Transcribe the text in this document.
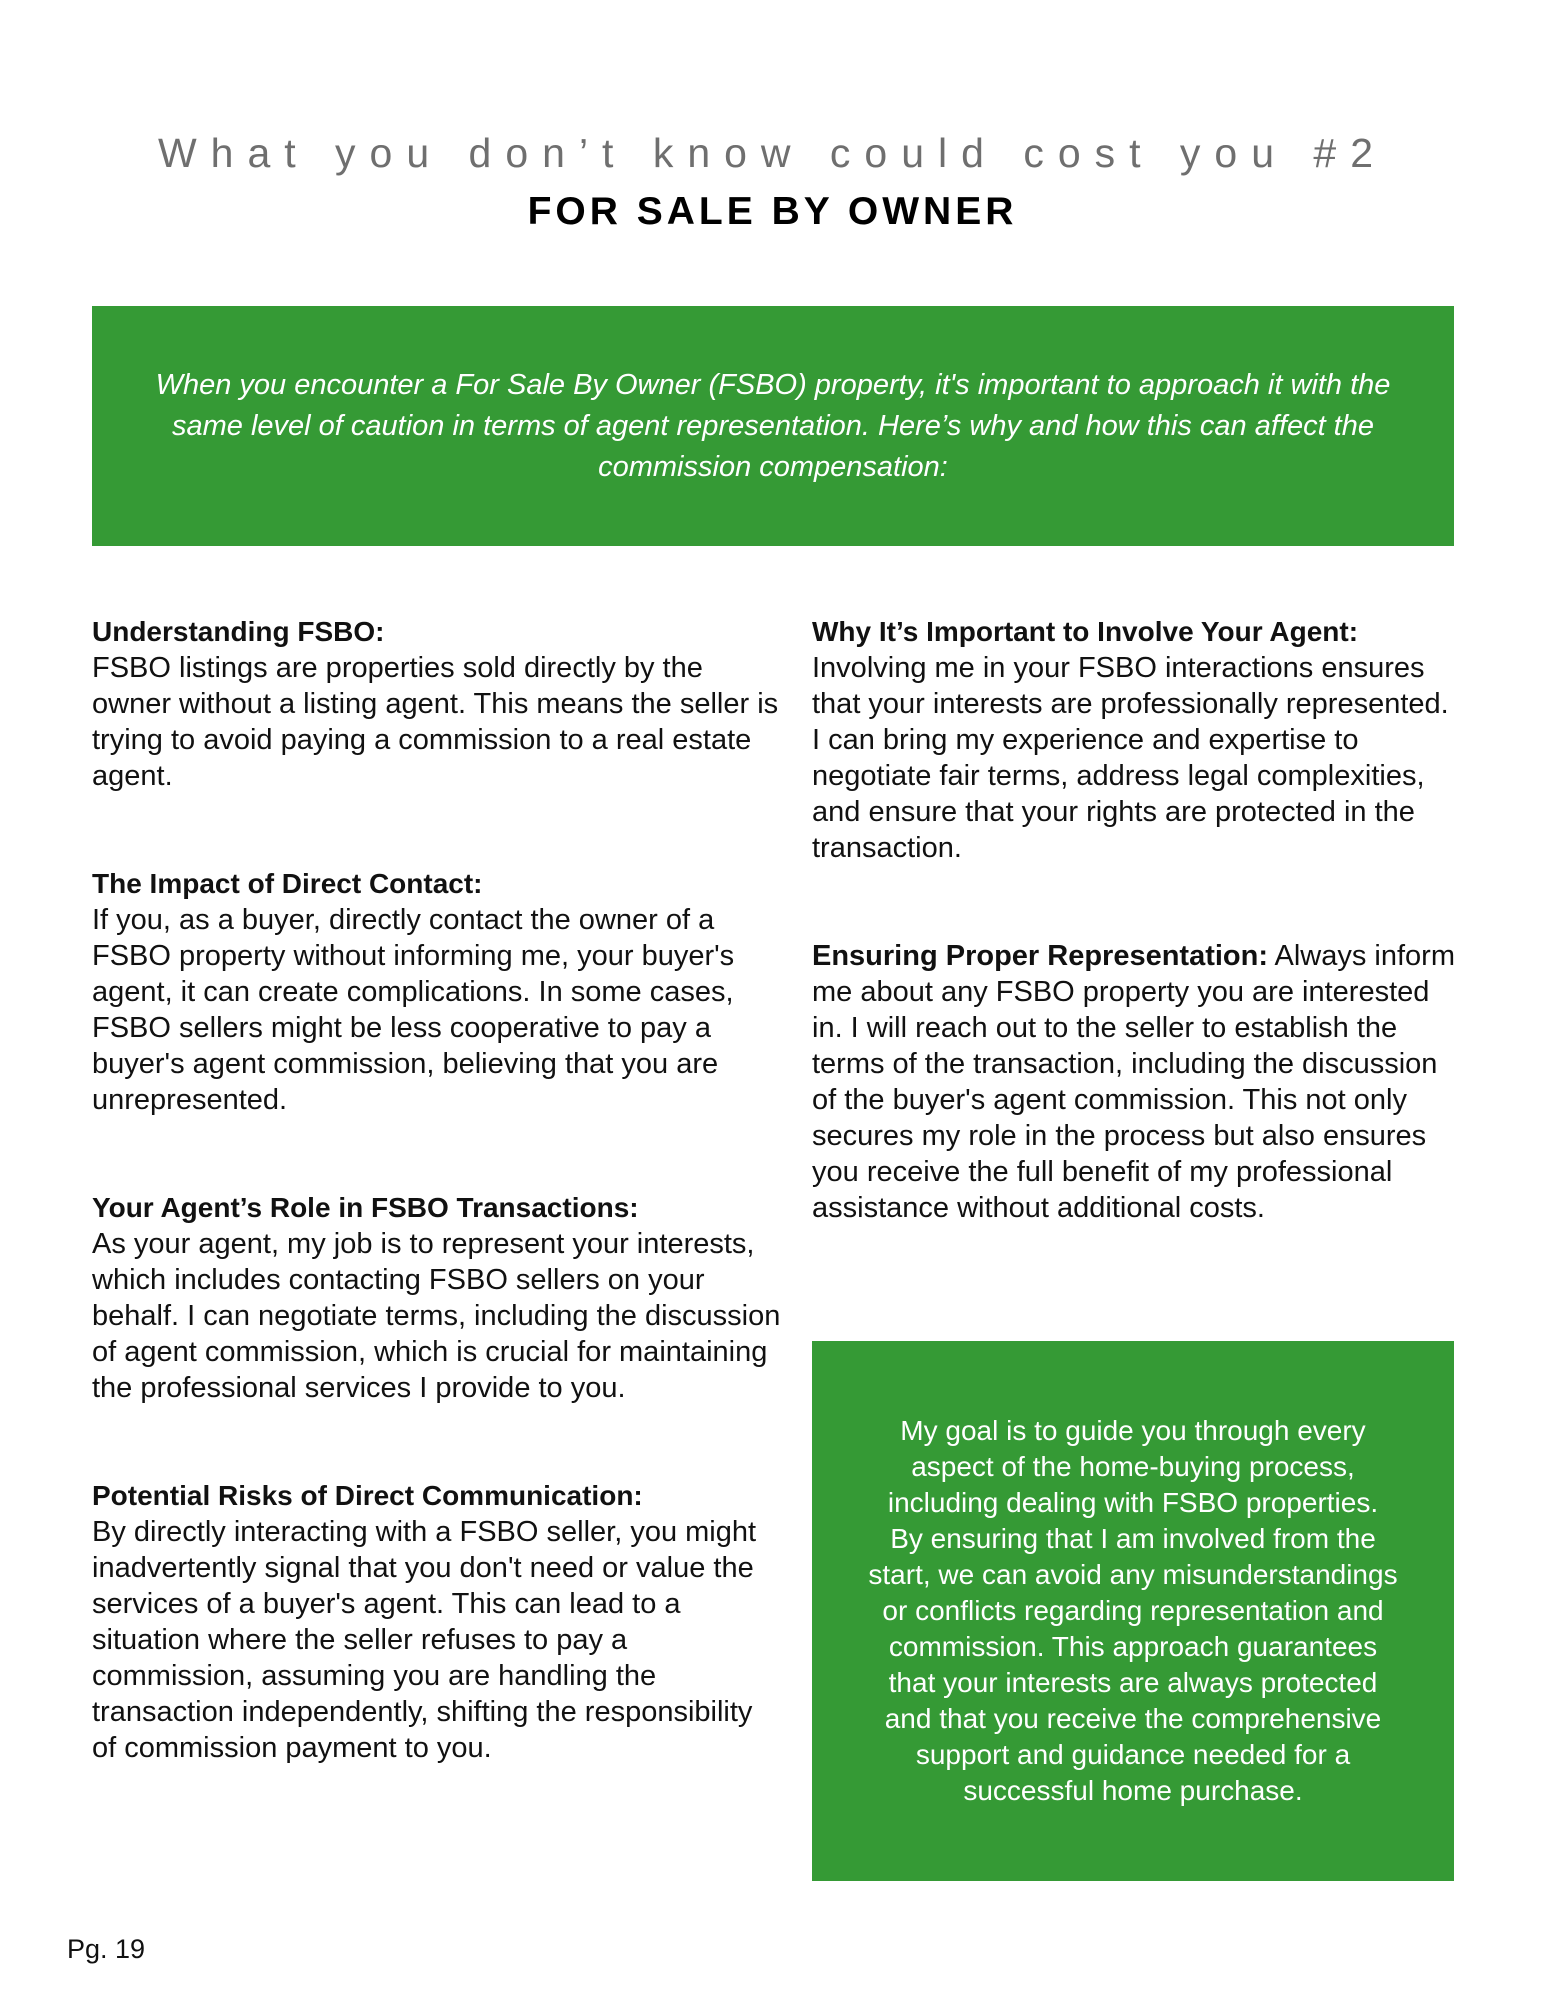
What you don’t know could cost you #2
FOR SALE BY OWNER
When you encounter a For Sale By Owner (FSBO) property, it's important to approach it with the same level of caution in terms of agent representation. Here’s why and how this can affect the commission compensation:
Understanding FSBO:

FSBO listings are properties sold directly by the owner without a listing agent. This means the seller is trying to avoid paying a commission to a real estate agent.

The Impact of Direct Contact:

If you, as a buyer, directly contact the owner of a FSBO property without informing me, your buyer's agent, it can create complications. In some cases, FSBO sellers might be less cooperative to pay a buyer's agent commission, believing that you are unrepresented.

Your Agent’s Role in FSBO Transactions:

As your agent, my job is to represent your interests, which includes contacting FSBO sellers on your behalf. I can negotiate terms, including the discussion of agent commission, which is crucial for maintaining the professional services I provide to you.

Potential Risks of Direct Communication:

By directly interacting with a FSBO seller, you might inadvertently signal that you don't need or value the services of a buyer's agent. This can lead to a situation where the seller refuses to pay a commission, assuming you are handling the transaction independently, shifting the responsibility of commission payment to you.

Why It’s Important to Involve Your Agent:

Involving me in your FSBO interactions ensures that your interests are professionally represented. I can bring my experience and expertise to negotiate fair terms, address legal complexities, and ensure that your rights are protected in the transaction.

Ensuring Proper Representation: Always inform me about any FSBO property you are interested in. I will reach out to the seller to establish the terms of the transaction, including the discussion of the buyer's agent commission. This not only secures my role in the process but also ensures you receive the full benefit of my professional assistance without additional costs.

My goal is to guide you through every aspect of the home-buying process, including dealing with FSBO properties. By ensuring that I am involved from the start, we can avoid any misunderstandings or conflicts regarding representation and commission. This approach guarantees that your interests are always protected and that you receive the comprehensive support and guidance needed for a successful home purchase.
Pg. 19
